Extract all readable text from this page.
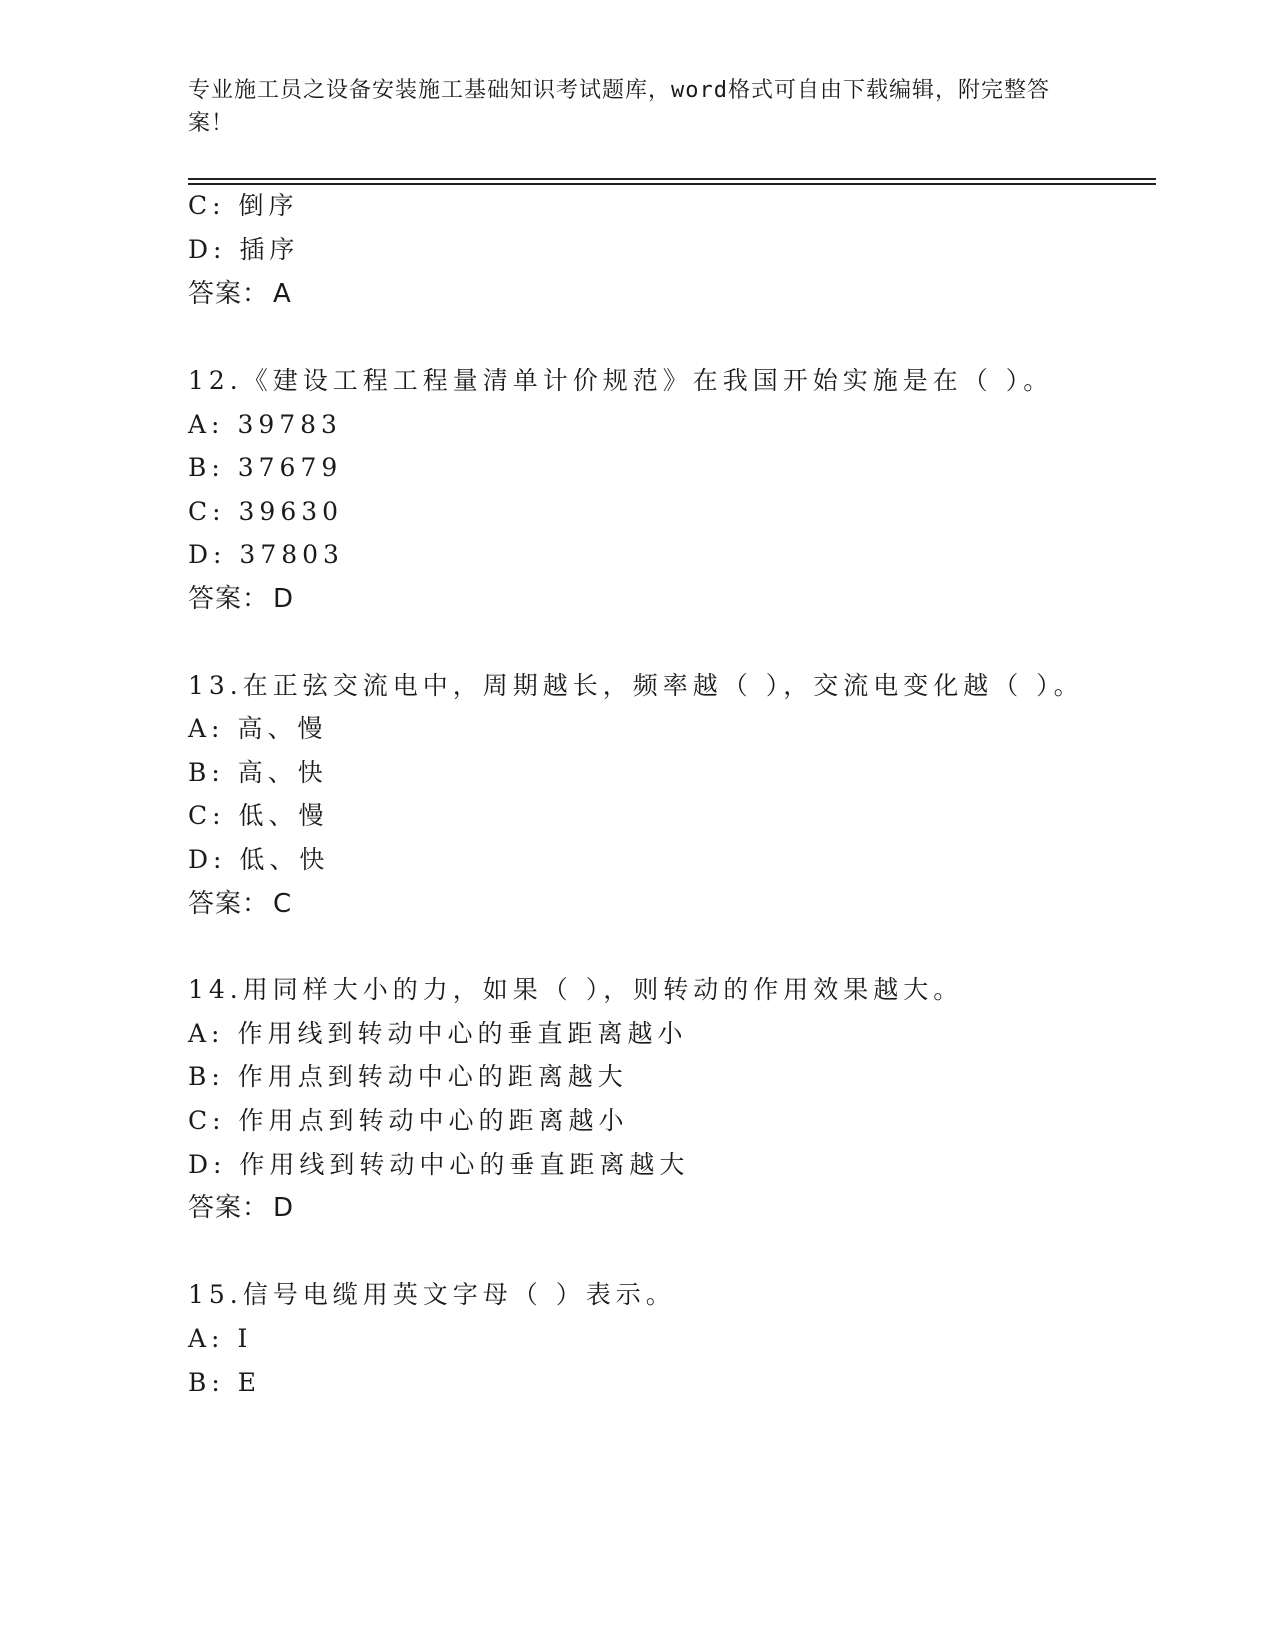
专业施工员之设备安装施工基础知识考试题库，word格式可自由下载编辑，附完整答案！
C: 倒序
D: 插序
答案： A
12.《建设工程工程量清单计价规范》在我国开始实施是在（ ）。
A: 39783
B: 37679
C: 39630
D: 37803
答案： D
13.在正弦交流电中，周期越长，频率越（ ），交流电变化越（ ）。
A: 高、慢
B: 高、快
C: 低、慢
D: 低、快
答案： C
14.用同样大小的力，如果（ ），则转动的作用效果越大。
A: 作用线到转动中心的垂直距离越小
B: 作用点到转动中心的距离越大
C: 作用点到转动中心的距离越小
D: 作用线到转动中心的垂直距离越大
答案： D
15.信号电缆用英文字母（ ）表示。
A: I
B: E
